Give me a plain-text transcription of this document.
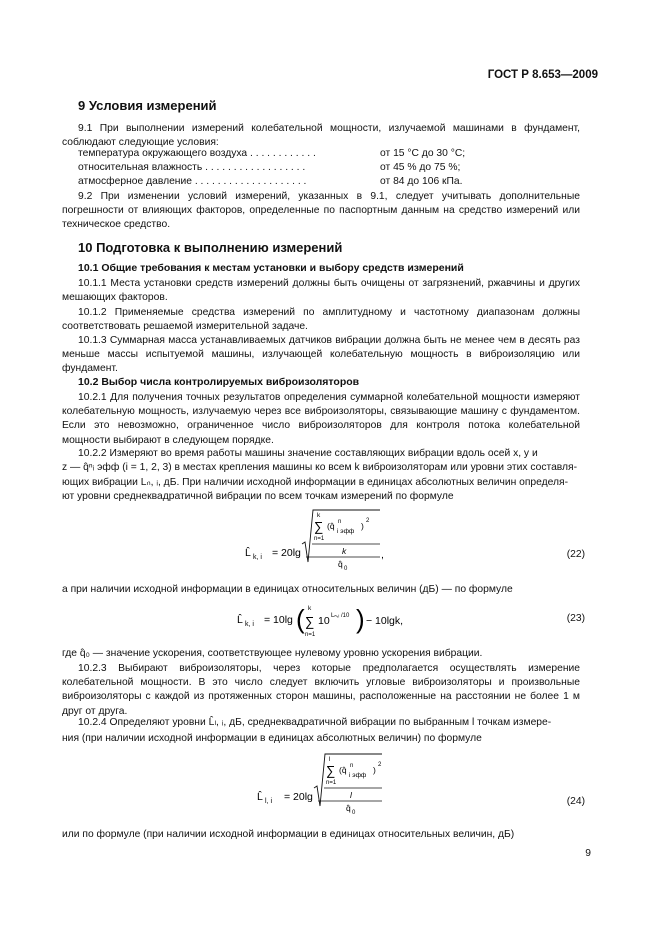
ГОСТ Р 8.653—2009
9 Условия измерений
9.1 При выполнении измерений колебательной мощности, излучаемой машинами в фундамент, соблюдают следующие условия:
температура окружающего воздуха . . . . . . . . . . . .	от 15 °С до 30 °С;
относительная влажность . . . . . . . . . . . . . . . . . .	от 45 % до 75 %;
атмосферное давление . . . . . . . . . . . . . . . . . . . .	от 84 до 106 кПа.
9.2 При изменении условий измерений, указанных в 9.1, следует учитывать дополнительные погрешности от влияющих факторов, определенные по паспортным данным на средство измерений или техническое средство.
10 Подготовка к выполнению измерений
10.1 Общие требования к местам установки и выбору средств измерений
10.1.1 Места установки средств измерений должны быть очищены от загрязнений, ржавчины и других мешающих факторов.
10.1.2 Применяемые средства измерений по амплитудному и частотному диапазонам должны соответствовать решаемой измерительной задаче.
10.1.3 Суммарная масса устанавливаемых датчиков вибрации должна быть не менее чем в десять раз меньше массы испытуемой машины, излучающей колебательную мощность в виброизоляцию или фундамент.
10.2 Выбор числа контролируемых виброизоляторов
10.2.1 Для получения точных результатов определения суммарной колебательной мощности измеряют колебательную мощность, излучаемую через все виброизоляторы, связывающие машину с фундаментом. Если это невозможно, ограниченное число виброизоляторов для контроля потока колебательной мощности выбирают в следующем порядке.
10.2.2 Измеряют во время работы машины значение составляющих вибрации вдоль осей x, y и
z — q̂ⁿᵢ эфф (i = 1, 2, 3) в местах крепления машины ко всем k виброизоляторам или уровни этих составля-
ющих вибрации Lₙ, ᵢ, дБ. При наличии исходной информации в единицах абсолютных величин определя-
ют уровни среднеквадратичной вибрации по всем точкам измерений по формуле
L̂ k, i = 20lg
k
∑
n=1
(q̂ n
i эфф
) 2
k
q̂ 0
,	(22)
а при наличии исходной информации в единицах относительных величин (дБ) — по формуле
L̂ k, i = 10lg ( k
∑
n=1
10 Lₙ,ᵢ /10 ) − 10lgk,	(23)
где q̂₀ — значение ускорения, соответствующее нулевому уровню ускорения вибрации.
10.2.3 Выбирают виброизоляторы, через которые предполагается осуществлять измерение колебательной мощности. В это число следует включить угловые виброизоляторы и произвольные виброизоляторы с каждой из протяженных сторон машины, расположенные на расстоянии не более 1 м друг от друга.
10.2.4 Определяют уровни L̂ₗ, ᵢ, дБ, среднеквадратичной вибрации по выбранным l точкам измере-
ния (при наличии исходной информации в единицах абсолютных величин) по формуле
L̂ l, i = 20lg
l
∑
n=1
(q̂ n
i эфф
) 2
l
q̂ 0
(24)
или по формуле (при наличии исходной информации в единицах относительных величин, дБ)
9
